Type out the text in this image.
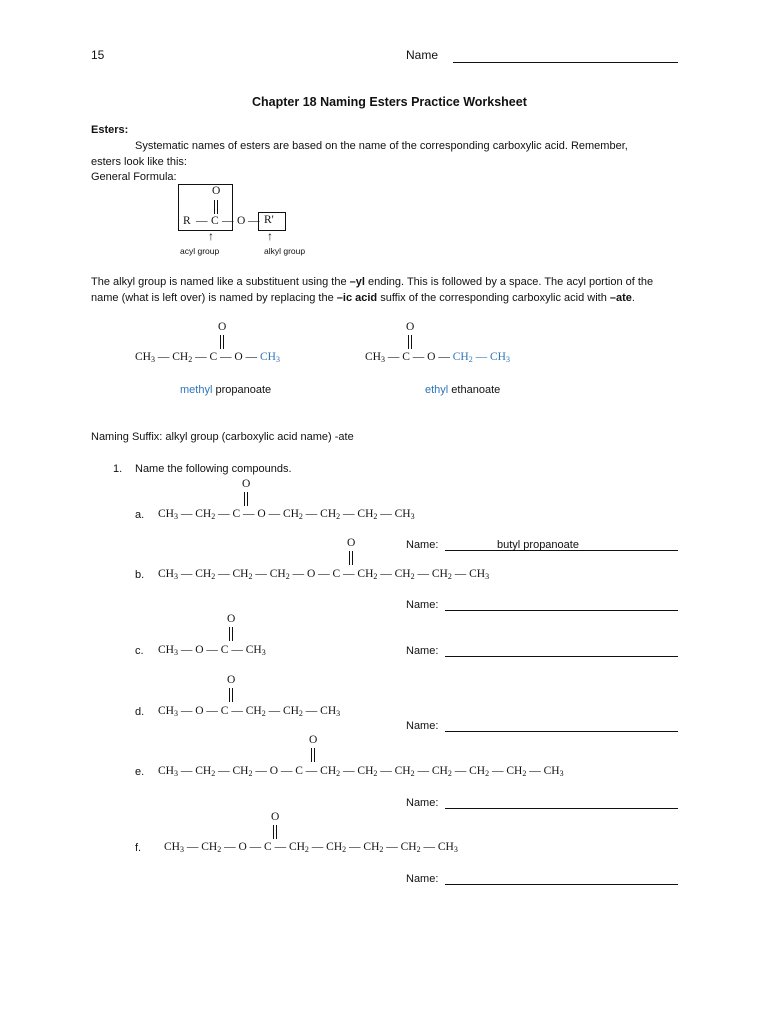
15	Name
Chapter 18 Naming Esters Practice Worksheet
Esters:
Systematic names of esters are based on the name of the corresponding carboxylic acid. Remember,
esters look like this:
General Formula:
O
R — C — O — R'
↑	↑
acyl group	alkyl group
The alkyl group is named like a substituent using the –yl ending. This is followed by a space. The acyl portion of the
name (what is left over) is named by replacing the –ic acid suffix of the corresponding carboxylic acid with –ate.
O
$CH_3$ — $CH_2$ — C — O — $CH_3$
methyl propanoate
O
$CH_3$ — C — O — $CH_2$ — $CH_3$
ethyl ethanoate
Naming Suffix: alkyl group (carboxylic acid name) -ate
1. Name the following compounds.
a.
O
$CH_3$ — $CH_2$ — C — O — $CH_2$ — $CH_2$ — $CH_2$ — $CH_3$
O
b. $CH_3$ — $CH_2$ — $CH_2$ — $CH_2$ — O — C — $CH_2$ — $CH_2$ — $CH_2$ — $CH_3$
Name:	butyl propanoate
Name:
O
c. $CH_3$ — O — C — $CH_3$	Name:
O
d. $CH_3$ — O — C — $CH_2$ — $CH_2$ — $CH_3$
Name:
O
e. $CH_3$ — $CH_2$ — $CH_2$ — O — C — $CH_2$ — $CH_2$ — $CH_2$ — $CH_2$ — $CH_2$ — $CH_2$ — $CH_3$
Name:
O
f. $CH_3$ — $CH_2$ — O — C — $CH_2$ — $CH_2$ — $CH_2$ — $CH_2$ — $CH_3$
Name:
